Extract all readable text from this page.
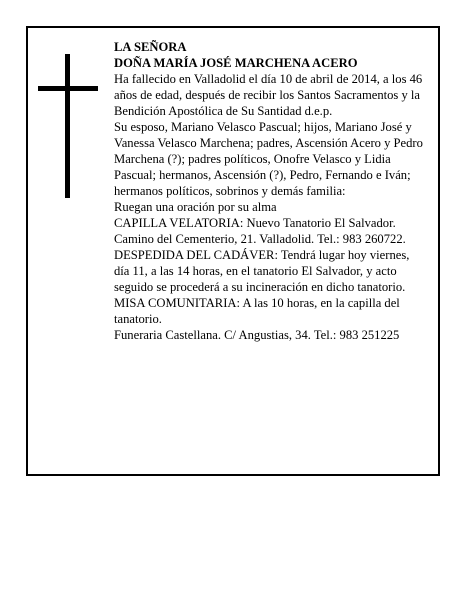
LA SEÑORA

DOÑA MARÍA JOSÉ MARCHENA ACERO

Ha fallecido en Valladolid el día 10 de abril de 2014, a los 46 años de edad, después de recibir los Santos Sacramentos y la Bendición Apostólica de Su Santidad d.e.p.

Su esposo, Mariano Velasco Pascual; hijos, Mariano José y Vanessa Velasco Marchena; padres, Ascensión Acero y Pedro Marchena (?); padres políticos, Onofre Velasco y Lidia Pascual; hermanos, Ascensión (?), Pedro, Fernando e Iván; hermanos políticos, sobrinos y demás familia:

Ruegan una oración por su alma

CAPILLA VELATORIA: Nuevo Tanatorio El Salvador. Camino del Cementerio, 21. Valladolid. Tel.: 983 260722.

DESPEDIDA DEL CADÁVER: Tendrá lugar hoy viernes, día 11, a las 14 horas, en el tanatorio El Salvador, y acto seguido se procederá a su incineración en dicho tanatorio. MISA COMUNITARIA: A las 10 horas, en la capilla del tanatorio.

Funeraria Castellana. C/ Angustias, 34. Tel.: 983 251225
